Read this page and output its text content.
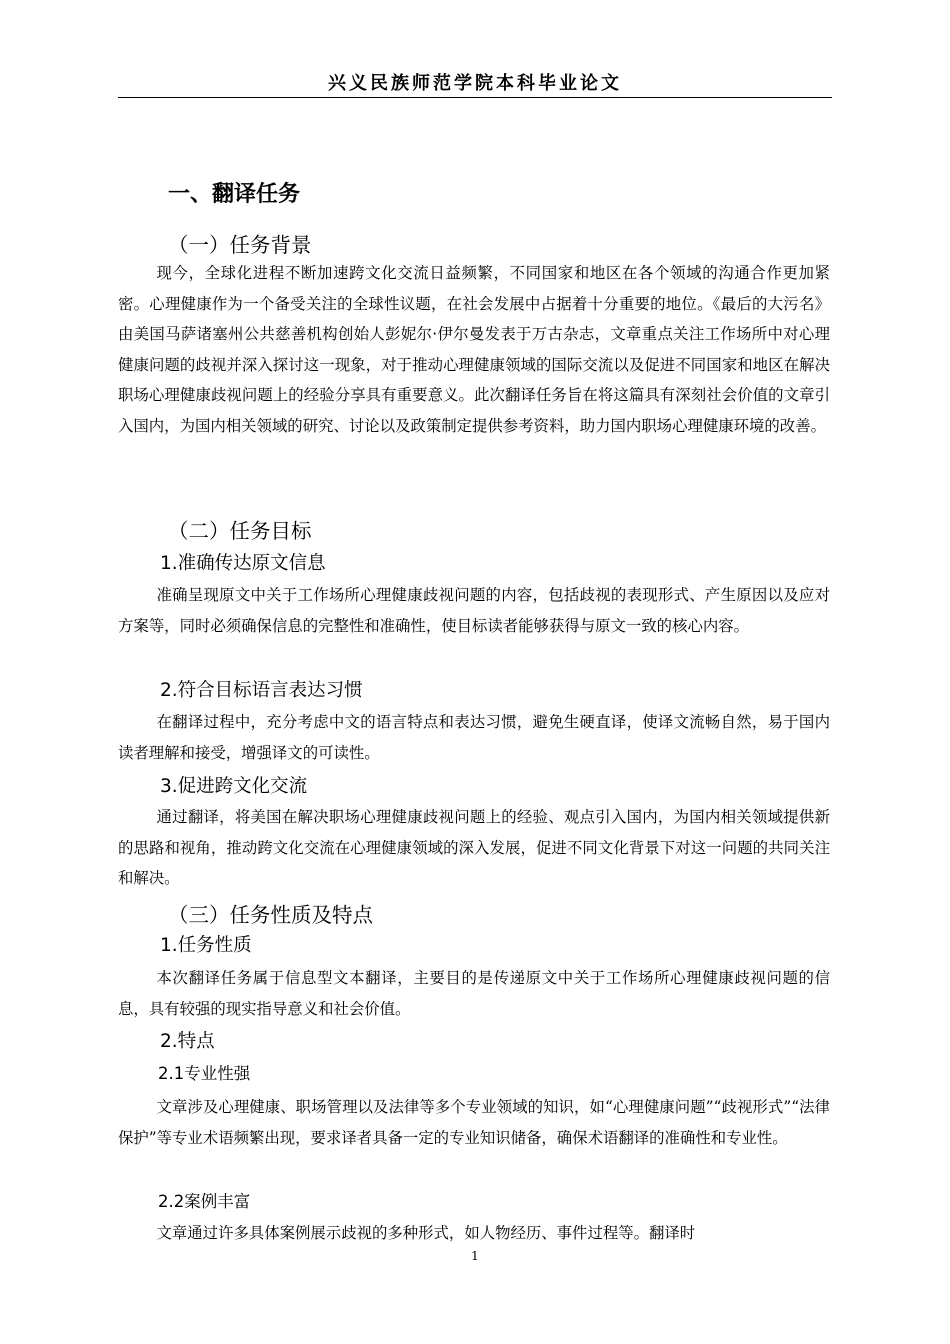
兴义民族师范学院本科毕业论文
一、翻译任务
（一）任务背景

现今，全球化进程不断加速跨文化交流日益频繁，不同国家和地区在各个领域的沟通合作更加紧密。心理健康作为一个备受关注的全球性议题，在社会发展中占据着十分重要的地位。《最后的大污名》由美国马萨诸塞州公共慈善机构创始人彭妮尔·伊尔曼发表于万古杂志，文章重点关注工作场所中对心理健康问题的歧视并深入探讨这一现象，对于推动心理健康领域的国际交流以及促进不同国家和地区在解决职场心理健康歧视问题上的经验分享具有重要意义。此次翻译任务旨在将这篇具有深刻社会价值的文章引入国内，为国内相关领域的研究、讨论以及政策制定提供参考资料，助力国内职场心理健康环境的改善。

（二）任务目标
1.准确传达原文信息

准确呈现原文中关于工作场所心理健康歧视问题的内容，包括歧视的表现形式、产生原因以及应对方案等，同时必须确保信息的完整性和准确性，使目标读者能够获得与原文一致的核心内容。

2.符合目标语言表达习惯

在翻译过程中，充分考虑中文的语言特点和表达习惯，避免生硬直译，使译文流畅自然，易于国内读者理解和接受，增强译文的可读性。

3.促进跨文化交流

通过翻译，将美国在解决职场心理健康歧视问题上的经验、观点引入国内，为国内相关领域提供新的思路和视角，推动跨文化交流在心理健康领域的深入发展，促进不同文化背景下对这一问题的共同关注和解决。

（三）任务性质及特点
1.任务性质

本次翻译任务属于信息型文本翻译，主要目的是传递原文中关于工作场所心理健康歧视问题的信息，具有较强的现实指导意义和社会价值。

2.特点
2.1专业性强

文章涉及心理健康、职场管理以及法律等多个专业领域的知识，如“心理健康问题”“歧视形式”“法律保护”等专业术语频繁出现，要求译者具备一定的专业知识储备，确保术语翻译的准确性和专业性。

2.2案例丰富

文章通过许多具体案例展示歧视的多种形式，如人物经历、事件过程等。翻译时

1
